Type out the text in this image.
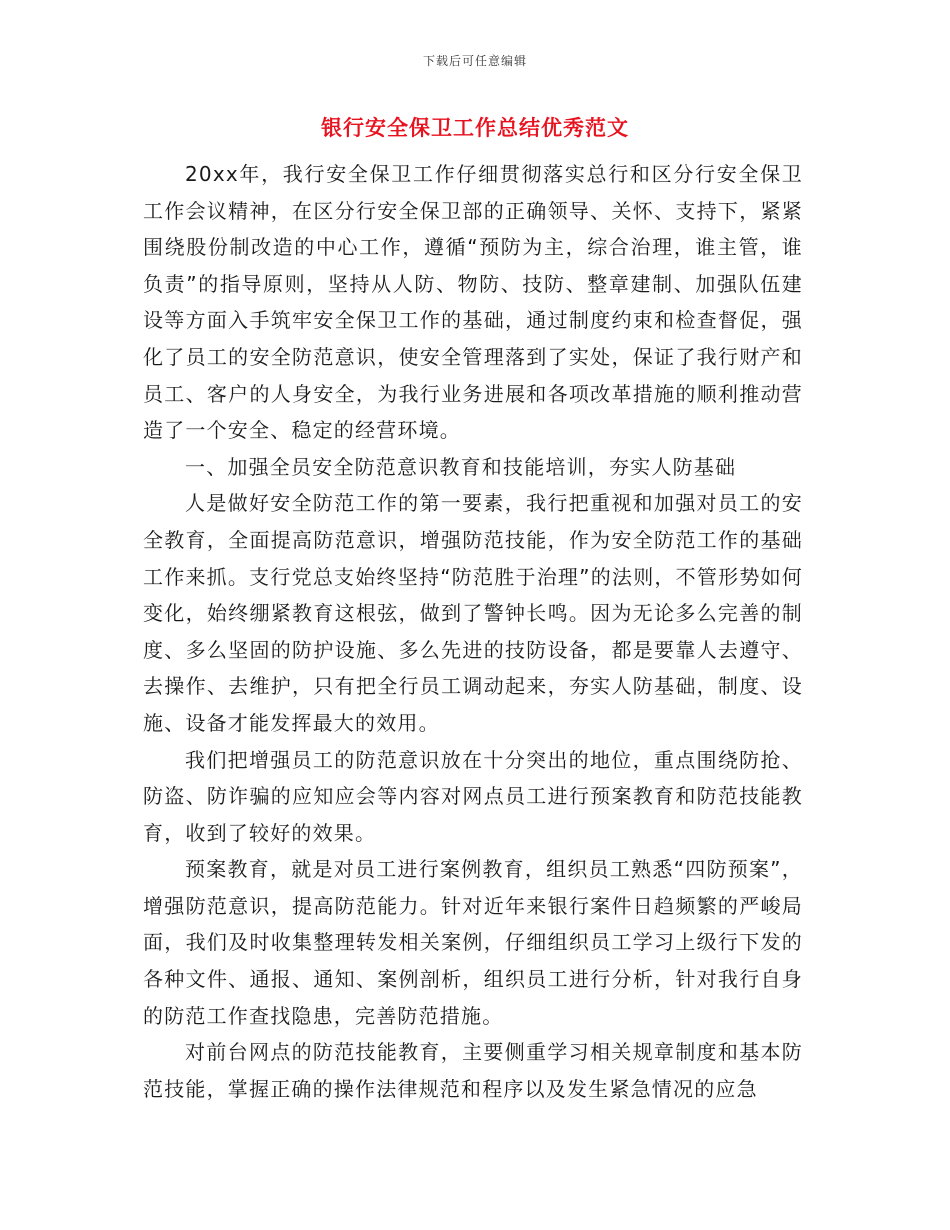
下载后可任意编辑
银行安全保卫工作总结优秀范文

20xx年，我行安全保卫工作仔细贯彻落实总行和区分行安全保卫工作会议精神，在区分行安全保卫部的正确领导、关怀、支持下，紧紧围绕股份制改造的中心工作，遵循“预防为主，综合治理，谁主管，谁负责”的指导原则，坚持从人防、物防、技防、整章建制、加强队伍建设等方面入手筑牢安全保卫工作的基础，通过制度约束和检查督促，强化了员工的安全防范意识，使安全管理落到了实处，保证了我行财产和员工、客户的人身安全，为我行业务进展和各项改革措施的顺利推动营造了一个安全、稳定的经营环境。

一、加强全员安全防范意识教育和技能培训，夯实人防基础

人是做好安全防范工作的第一要素，我行把重视和加强对员工的安全教育，全面提高防范意识，增强防范技能，作为安全防范工作的基础工作来抓。支行党总支始终坚持“防范胜于治理”的法则，不管形势如何变化，始终绷紧教育这根弦，做到了警钟长鸣。因为无论多么完善的制度、多么坚固的防护设施、多么先进的技防设备，都是要靠人去遵守、去操作、去维护，只有把全行员工调动起来，夯实人防基础，制度、设施、设备才能发挥最大的效用。

我们把增强员工的防范意识放在十分突出的地位，重点围绕防抢、防盗、防诈骗的应知应会等内容对网点员工进行预案教育和防范技能教育，收到了较好的效果。

预案教育，就是对员工进行案例教育，组织员工熟悉“四防预案”，增强防范意识，提高防范能力。针对近年来银行案件日趋频繁的严峻局面，我们及时收集整理转发相关案例，仔细组织员工学习上级行下发的各种文件、通报、通知、案例剖析，组织员工进行分析，针对我行自身的防范工作查找隐患，完善防范措施。

对前台网点的防范技能教育，主要侧重学习相关规章制度和基本防范技能，掌握正确的操作法律规范和程序以及发生紧急情况的应急
